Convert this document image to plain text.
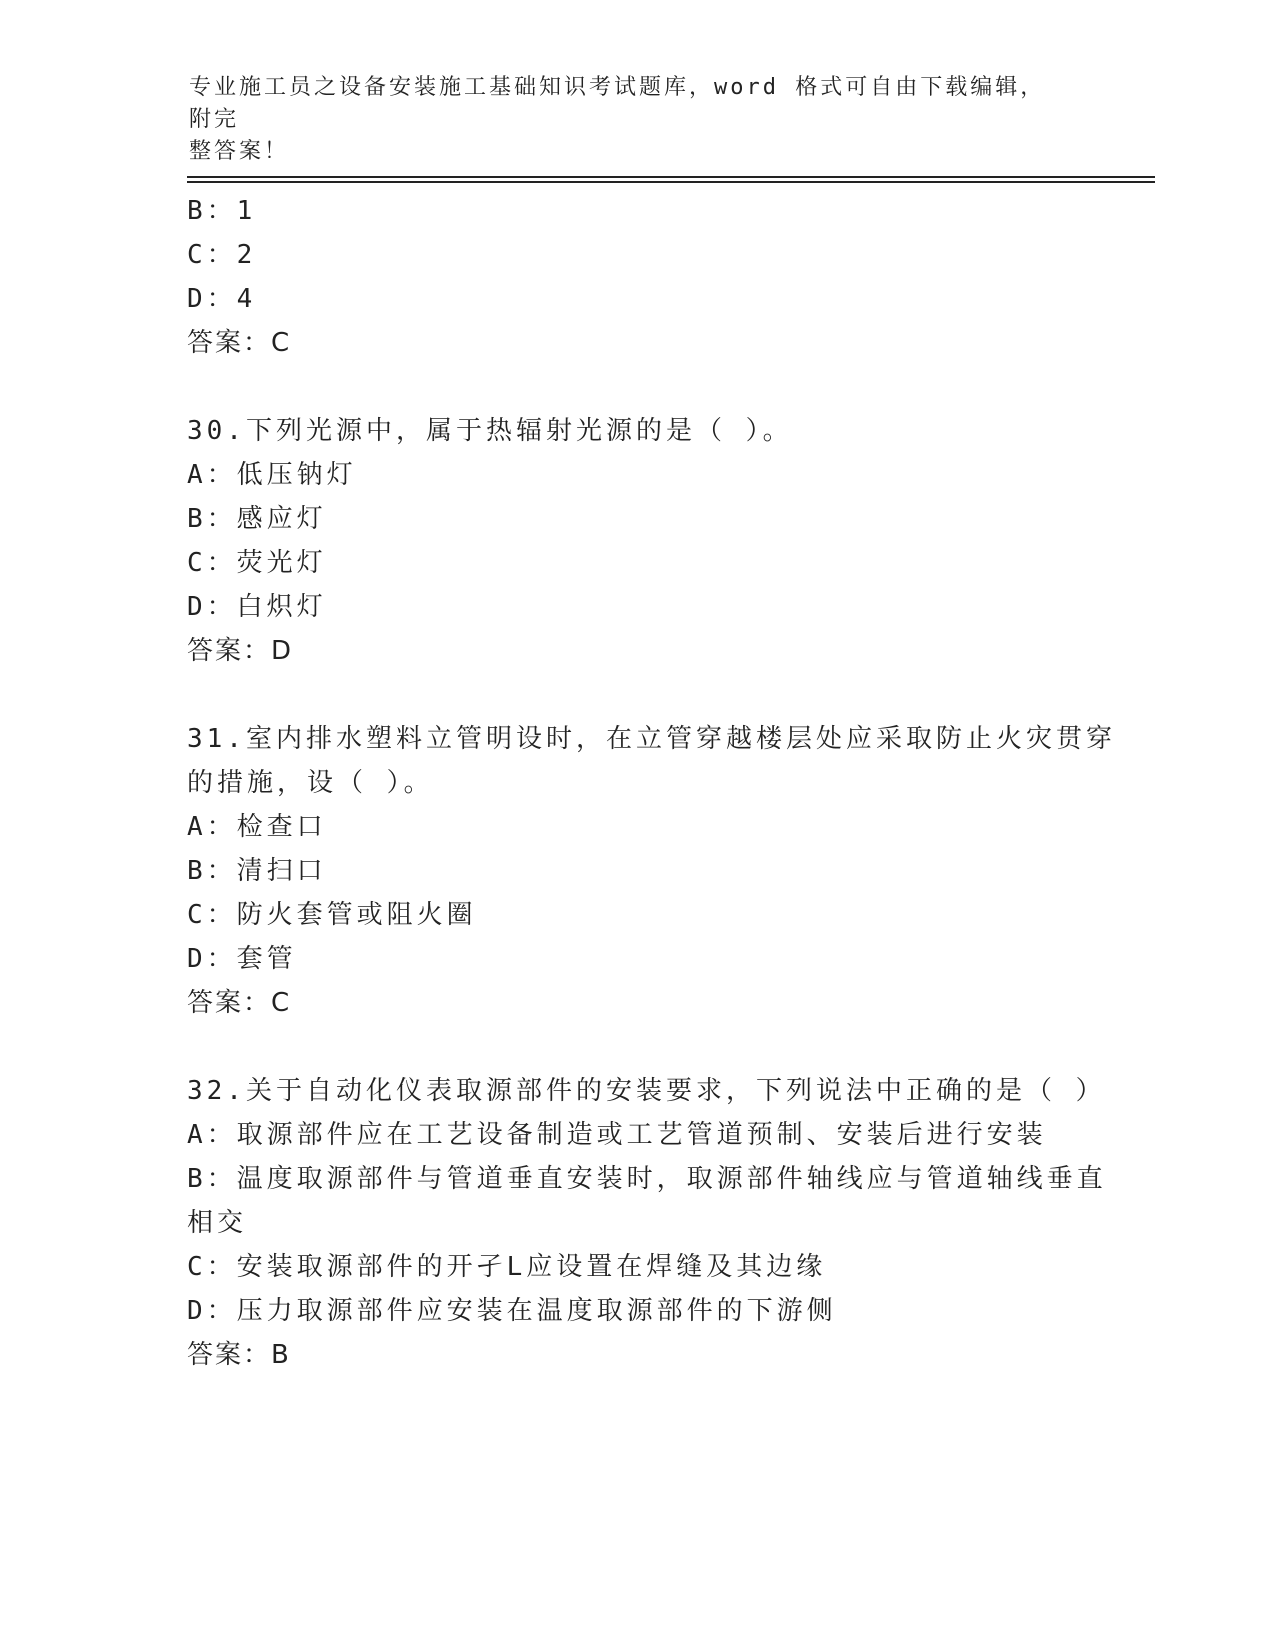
专业施工员之设备安装施工基础知识考试题库，word 格式可自由下载编辑，附完
整答案！
B：1
C：2
D：4
答案：C
30.下列光源中，属于热辐射光源的是（ ）。
A：低压钠灯
B：感应灯
C：荧光灯
D：白炽灯
答案：D
31.室内排水塑料立管明设时，在立管穿越楼层处应采取防止火灾贯穿
的措施，设（ ）。
A：检查口
B：清扫口
C：防火套管或阻火圈
D：套管
答案：C
32.关于自动化仪表取源部件的安装要求，下列说法中正确的是（ ）
A：取源部件应在工艺设备制造或工艺管道预制、安装后进行安装
B：温度取源部件与管道垂直安装时，取源部件轴线应与管道轴线垂直
相交
C：安装取源部件的开孑L应设置在焊缝及其边缘
D：压力取源部件应安装在温度取源部件的下游侧
答案：B
